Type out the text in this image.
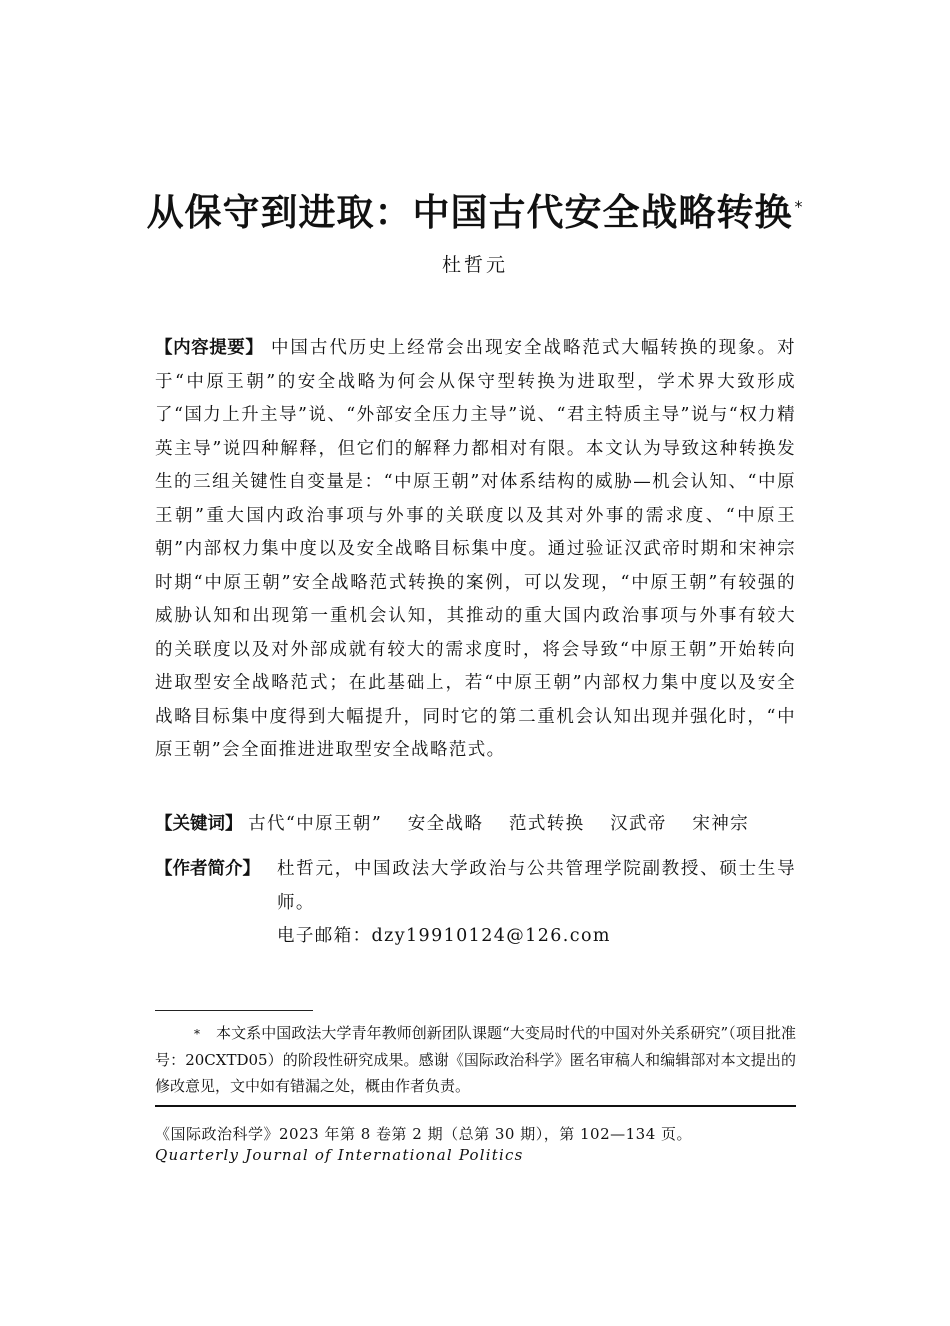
从保守到进取：中国古代安全战略转换 *
杜哲元
【内容提要】 中国古代历史上经常会出现安全战略范式大幅转换的现象。对于“中原王朝”的安全战略为何会从保守型转换为进取型，学术界大致形成了“国力上升主导”说、“外部安全压力主导”说、“君主特质主导”说与“权力精英主导”说四种解释，但它们的解释力都相对有限。本文认为导致这种转换发生的三组关键性自变量是：“中原王朝”对体系结构的威胁—机会认知、“中原王朝”重大国内政治事项与外事的关联度以及其对外事的需求度、“中原王朝”内部权力集中度以及安全战略目标集中度。通过验证汉武帝时期和宋神宗时期“中原王朝”安全战略范式转换的案例，可以发现，“中原王朝”有较强的威胁认知和出现第一重机会认知，其推动的重大国内政治事项与外事有较大的关联度以及对外部成就有较大的需求度时，将会导致“中原王朝”开始转向进取型安全战略范式；在此基础上，若“中原王朝”内部权力集中度以及安全战略目标集中度得到大幅提升，同时它的第二重机会认知出现并强化时，“中原王朝”会全面推进进取型安全战略范式。
【关键词】 古代“中原王朝” 安全战略 范式转换 汉武帝 宋神宗
【作者简介】 杜哲元，中国政法大学政治与公共管理学院副教授、硕士生导师。
电子邮箱：dzy19910124@126.com
* 本文系中国政法大学青年教师创新团队课题“大变局时代的中国对外关系研究”（项目批准号：20CXTD05）的阶段性研究成果。感谢《国际政治科学》匿名审稿人和编辑部对本文提出的修改意见，文中如有错漏之处，概由作者负责。
《国际政治科学》2023 年第 8 卷第 2 期（总第 30 期），第 102—134 页。
Quarterly Journal of International Politics
